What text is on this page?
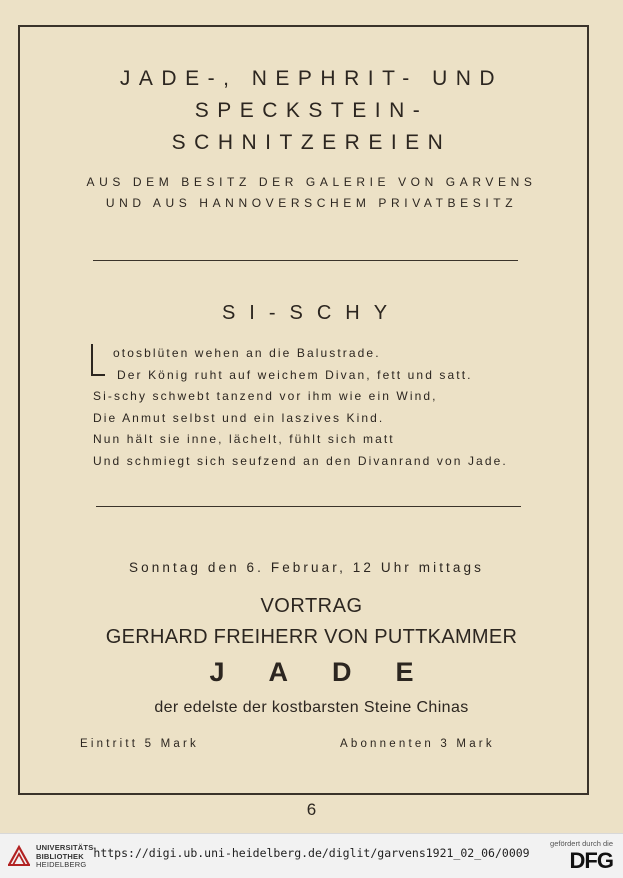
JADE-, NEPHRIT- UND
SPECKSTEIN-
SCHNITZEREIEN
AUS DEM BESITZ DER GALERIE VON GARVENS
UND AUS HANNOVERSCHEM PRIVATBESITZ
SI-SCHY
otosblüten wehen an die Balustrade.
Der König ruht auf weichem Divan, fett und satt.
Si-schy schwebt tanzend vor ihm wie ein Wind,
Die Anmut selbst und ein laszives Kind.
Nun hält sie inne, lächelt, fühlt sich matt
Und schmiegt sich seufzend an den Divanrand von Jade.
Sonntag den 6. Februar, 12 Uhr mittags
VORTRAG
GERHARD FREIHERR VON PUTTKAMMER
JADE
der edelste der kostbarsten Steine Chinas
Eintritt 5 Mark	Abonnenten 3 Mark
6
UNIVERSITÄTS-
BIBLIOTHEK
HEIDELBERG
https://digi.ub.uni-heidelberg.de/diglit/garvens1921_02_06/0009
gefördert durch die
DFG
